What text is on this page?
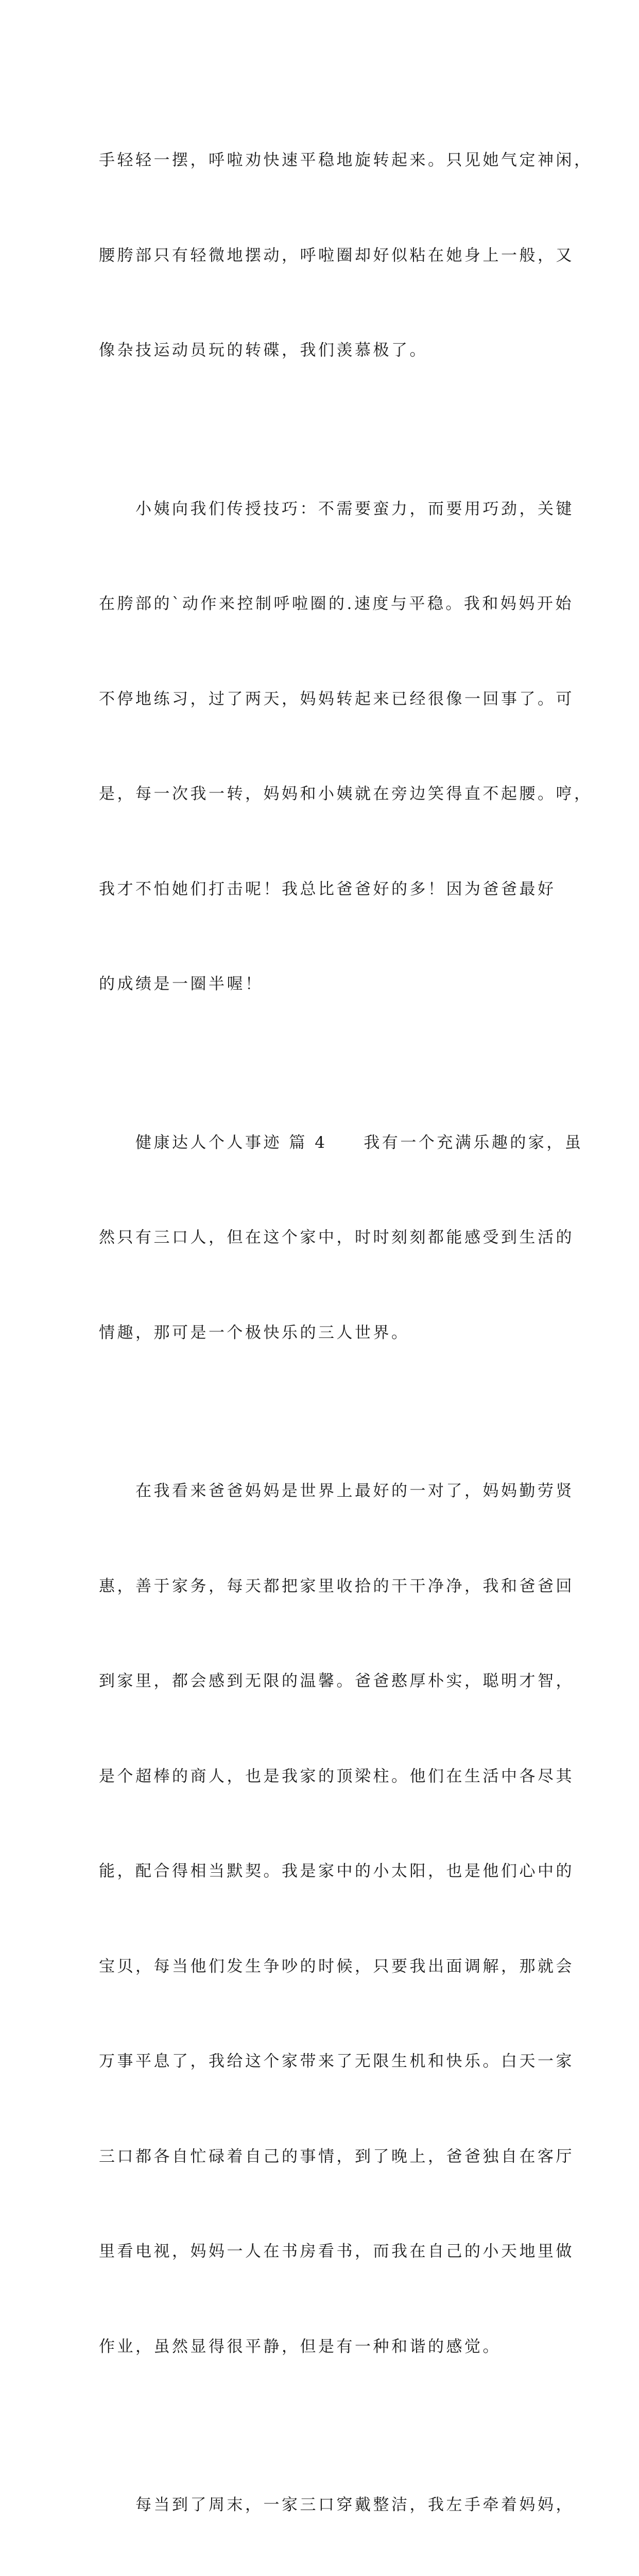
手轻轻一摆，呼啦劝快速平稳地旋转起来。只见她气定神闲，

腰胯部只有轻微地摆动，呼啦圈却好似粘在她身上一般，又

像杂技运动员玩的转碟，我们羡慕极了。

　　小姨向我们传授技巧：不需要蛮力，而要用巧劲，关键

在胯部的`动作来控制呼啦圈的.速度与平稳。我和妈妈开始

不停地练习，过了两天，妈妈转起来已经很像一回事了。可

是，每一次我一转，妈妈和小姨就在旁边笑得直不起腰。哼，

我才不怕她们打击呢！我总比爸爸好的多！因为爸爸最好

的成绩是一圈半喔！

　　健康达人个人事迹 篇 4　　我有一个充满乐趣的家，虽

然只有三口人，但在这个家中，时时刻刻都能感受到生活的

情趣，那可是一个极快乐的三人世界。

　　在我看来爸爸妈妈是世界上最好的一对了，妈妈勤劳贤

惠，善于家务，每天都把家里收拾的干干净净，我和爸爸回

到家里，都会感到无限的温馨。爸爸憨厚朴实，聪明才智，

是个超棒的商人，也是我家的顶梁柱。他们在生活中各尽其

能，配合得相当默契。我是家中的小太阳，也是他们心中的

宝贝，每当他们发生争吵的时候，只要我出面调解，那就会

万事平息了，我给这个家带来了无限生机和快乐。白天一家

三口都各自忙碌着自己的事情，到了晚上，爸爸独自在客厅

里看电视，妈妈一人在书房看书，而我在自己的小天地里做

作业，虽然显得很平静，但是有一种和谐的感觉。

　　每当到了周末，一家三口穿戴整洁，我左手牵着妈妈，
